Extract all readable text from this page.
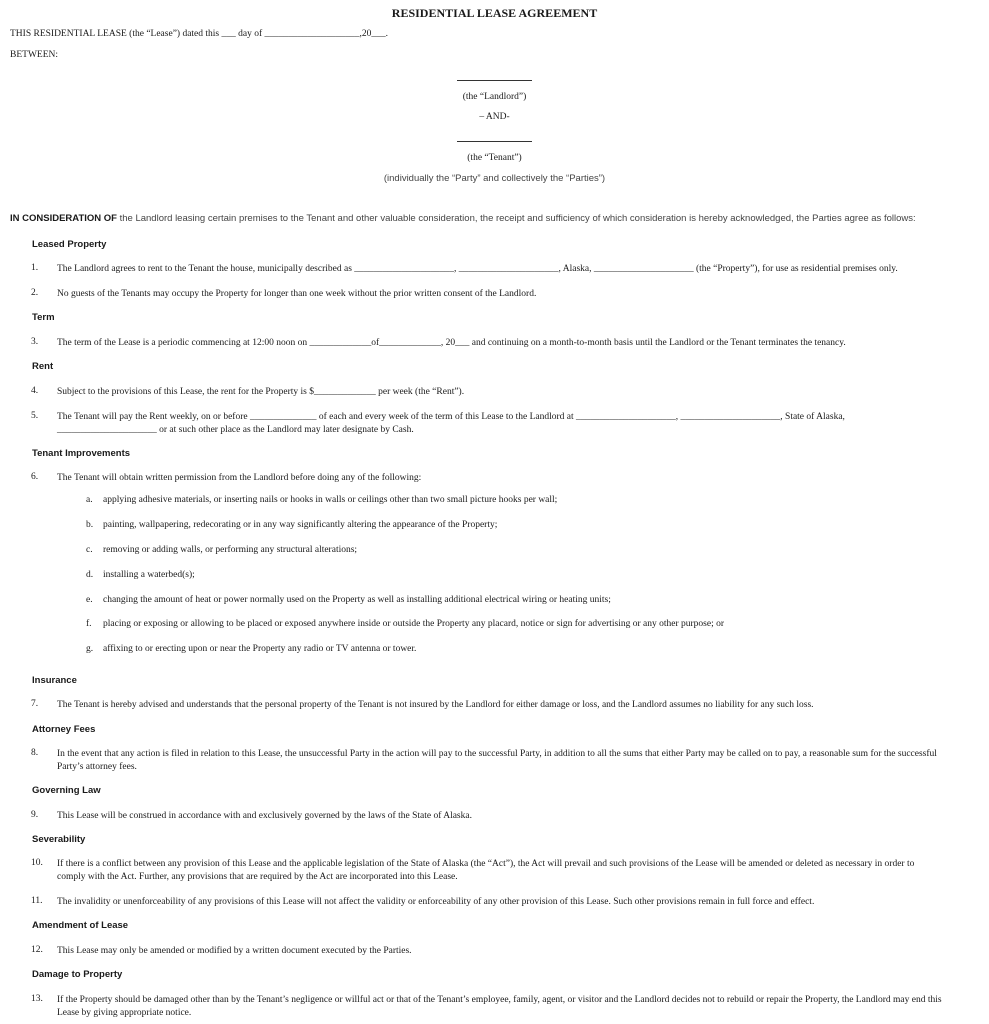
RESIDENTIAL LEASE AGREEMENT
THIS RESIDENTIAL LEASE (the “Lease”) dated this ___ day of ____________________,20___.
BETWEEN:
(the “Landlord”)
– AND-
(the “Tenant”)
(individually the “Party” and collectively the “Parties”)
IN CONSIDERATION OF the Landlord leasing certain premises to the Tenant and other valuable consideration, the receipt and sufficiency of which consideration is hereby acknowledged, the Parties agree as follows:
Leased Property
1. The Landlord agrees to rent to the Tenant the house, municipally described as _____________________, _____________________, Alaska, _____________________ (the “Property”), for use as residential premises only.
2. No guests of the Tenants may occupy the Property for longer than one week without the prior written consent of the Landlord.
Term
3. The term of the Lease is a periodic commencing at 12:00 noon on _____________of_____________, 20___ and continuing on a month-to-month basis until the Landlord or the Tenant terminates the tenancy.
Rent
4. Subject to the provisions of this Lease, the rent for the Property is $_____________ per week (the “Rent”).
5. The Tenant will pay the Rent weekly, on or before ______________ of each and every week of the term of this Lease to the Landlord at _____________________, _____________________, State of Alaska,
_____________________ or at such other place as the Landlord may later designate by Cash.
Tenant Improvements
6. The Tenant will obtain written permission from the Landlord before doing any of the following:
a. applying adhesive materials, or inserting nails or hooks in walls or ceilings other than two small picture hooks per wall;
b. painting, wallpapering, redecorating or in any way significantly altering the appearance of the Property;
c. removing or adding walls, or performing any structural alterations;
d. installing a waterbed(s);
e. changing the amount of heat or power normally used on the Property as well as installing additional electrical wiring or heating units;
f. placing or exposing or allowing to be placed or exposed anywhere inside or outside the Property any placard, notice or sign for advertising or any other purpose; or
g. affixing to or erecting upon or near the Property any radio or TV antenna or tower.
Insurance
7. The Tenant is hereby advised and understands that the personal property of the Tenant is not insured by the Landlord for either damage or loss, and the Landlord assumes no liability for any such loss.
Attorney Fees
8. In the event that any action is filed in relation to this Lease, the unsuccessful Party in the action will pay to the successful Party, in addition to all the sums that either Party may be called on to pay, a reasonable sum for the successful
Party’s attorney fees.
Governing Law
9. This Lease will be construed in accordance with and exclusively governed by the laws of the State of Alaska.
Severability
10. If there is a conflict between any provision of this Lease and the applicable legislation of the State of Alaska (the “Act”), the Act will prevail and such provisions of the Lease will be amended or deleted as necessary in order to
comply with the Act. Further, any provisions that are required by the Act are incorporated into this Lease.
11. The invalidity or unenforceability of any provisions of this Lease will not affect the validity or enforceability of any other provision of this Lease. Such other provisions remain in full force and effect.
Amendment of Lease
12. This Lease may only be amended or modified by a written document executed by the Parties.
Damage to Property
13. If the Property should be damaged other than by the Tenant’s negligence or willful act or that of the Tenant’s employee, family, agent, or visitor and the Landlord decides not to rebuild or repair the Property, the Landlord may end this
Lease by giving appropriate notice.
